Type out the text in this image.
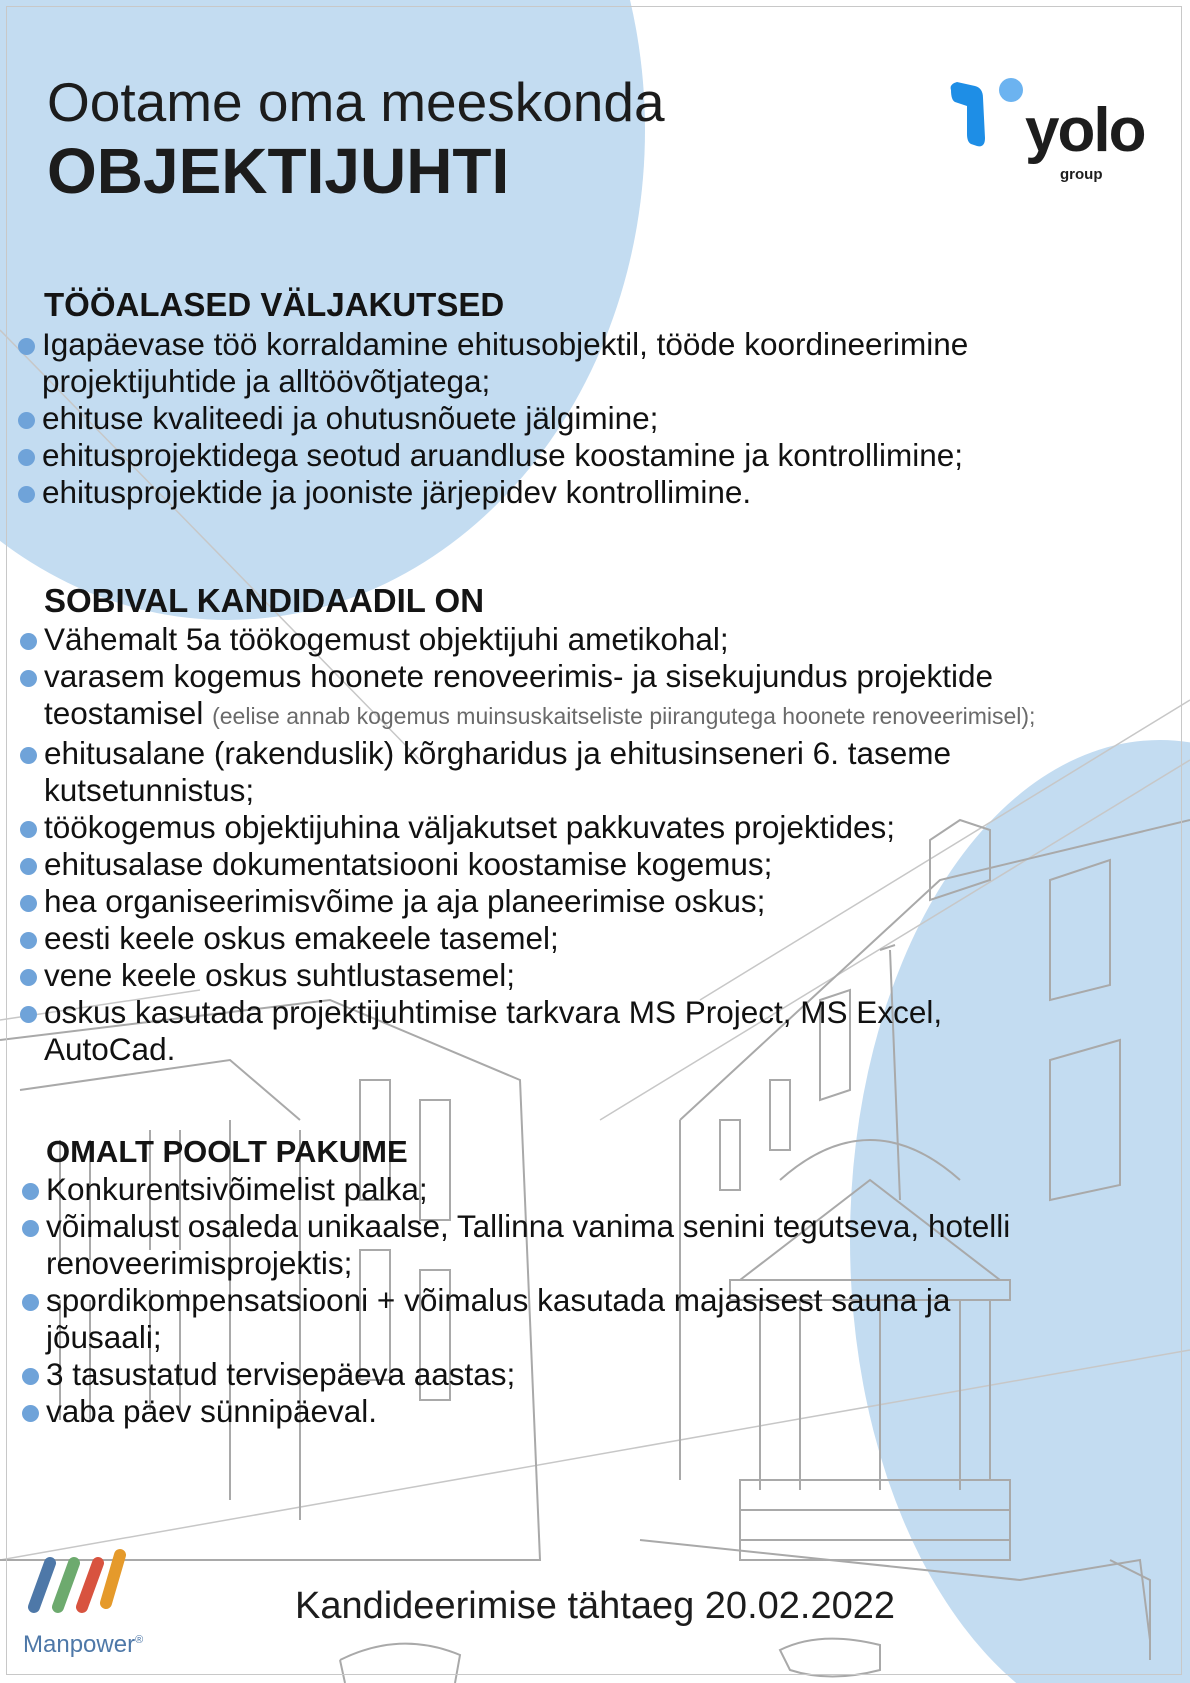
Ootame oma meeskonda
OBJEKTIJUHTI
yolo
group
TÖÖALASED VÄLJAKUTSED
Igapäevase töö korraldamine ehitusobjektil, tööde koordineerimine
projektijuhtide ja alltöövõtjatega;
ehituse kvaliteedi ja ohutusnõuete jälgimine;
ehitusprojektidega seotud aruandluse koostamine ja kontrollimine;
ehitusprojektide ja jooniste järjepidev kontrollimine.
SOBIVAL KANDIDAADIL ON
Vähemalt 5a töökogemust objektijuhi ametikohal;
varasem kogemus hoonete renoveerimis- ja sisekujundus projektide
teostamisel (eelise annab kogemus muinsuskaitseliste piirangutega hoonete renoveerimisel);
ehitusalane (rakenduslik) kõrgharidus ja ehitusinseneri 6. taseme
kutsetunnistus;
töökogemus objektijuhina väljakutset pakkuvates projektides;
ehitusalase dokumentatsiooni koostamise kogemus;
hea organiseerimisvõime ja aja planeerimise oskus;
eesti keele oskus emakeele tasemel;
vene keele oskus suhtlustasemel;
oskus kasutada projektijuhtimise tarkvara MS Project, MS Excel,
AutoCad.
OMALT POOLT PAKUME
Konkurentsivõimelist palka;
võimalust osaleda unikaalse, Tallinna vanima senini tegutseva, hotelli
renoveerimisprojektis;
spordikompensatsiooni + võimalus kasutada majasisest sauna ja
jõusaali;
3 tasustatud tervisepäeva aastas;
vaba päev sünnipäeval.
Kandideerimise tähtaeg 20.02.2022
Manpower®
